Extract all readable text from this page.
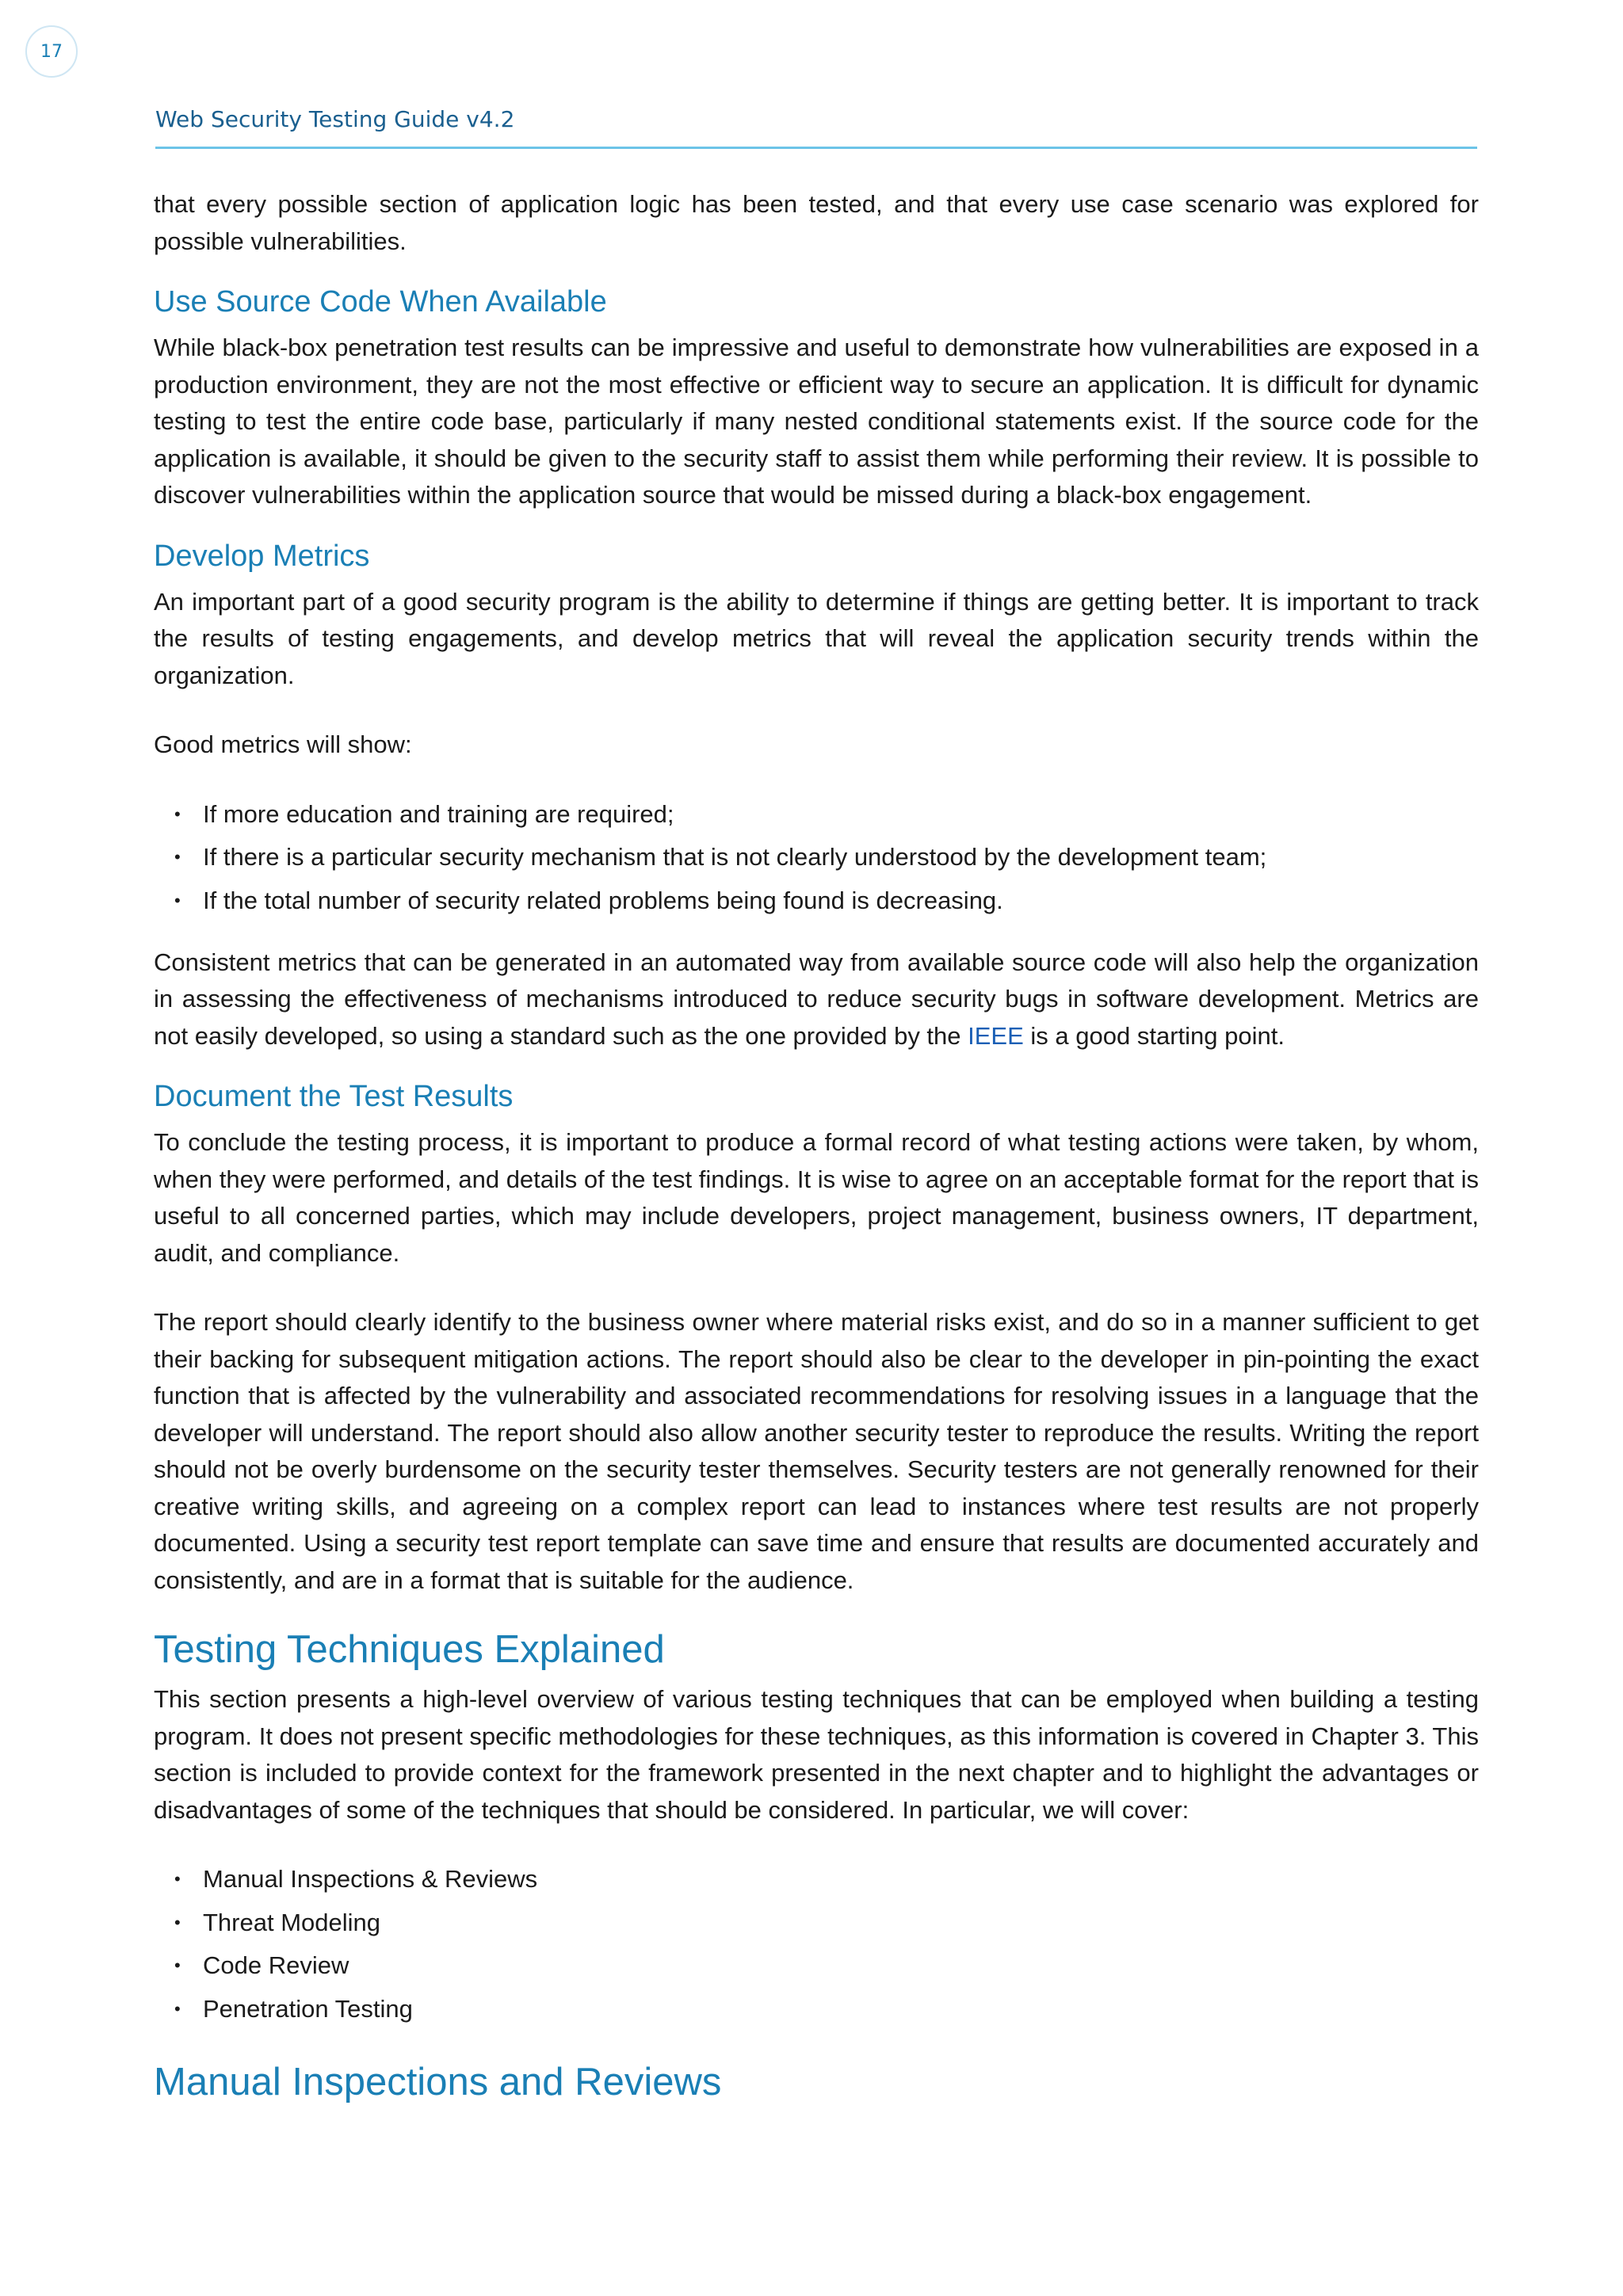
17
Web Security Testing Guide v4.2

that every possible section of application logic has been tested, and that every use case scenario was explored for possible vulnerabilities.

Use Source Code When Available

While black-box penetration test results can be impressive and useful to demonstrate how vulnerabilities are exposed in a production environment, they are not the most effective or efficient way to secure an application. It is difficult for dynamic testing to test the entire code base, particularly if many nested conditional statements exist. If the source code for the application is available, it should be given to the security staff to assist them while performing their review. It is possible to discover vulnerabilities within the application source that would be missed during a black-box engagement.

Develop Metrics

An important part of a good security program is the ability to determine if things are getting better. It is important to track the results of testing engagements, and develop metrics that will reveal the application security trends within the organization.

Good metrics will show:

• If more education and training are required;
• If there is a particular security mechanism that is not clearly understood by the development team;
• If the total number of security related problems being found is decreasing.

Consistent metrics that can be generated in an automated way from available source code will also help the organization in assessing the effectiveness of mechanisms introduced to reduce security bugs in software development. Metrics are not easily developed, so using a standard such as the one provided by the IEEE is a good starting point.

Document the Test Results

To conclude the testing process, it is important to produce a formal record of what testing actions were taken, by whom, when they were performed, and details of the test findings. It is wise to agree on an acceptable format for the report that is useful to all concerned parties, which may include developers, project management, business owners, IT department, audit, and compliance.

The report should clearly identify to the business owner where material risks exist, and do so in a manner sufficient to get their backing for subsequent mitigation actions. The report should also be clear to the developer in pin-pointing the exact function that is affected by the vulnerability and associated recommendations for resolving issues in a language that the developer will understand. The report should also allow another security tester to reproduce the results. Writing the report should not be overly burdensome on the security tester themselves. Security testers are not generally renowned for their creative writing skills, and agreeing on a complex report can lead to instances where test results are not properly documented. Using a security test report template can save time and ensure that results are documented accurately and consistently, and are in a format that is suitable for the audience.

Testing Techniques Explained

This section presents a high-level overview of various testing techniques that can be employed when building a testing program. It does not present specific methodologies for these techniques, as this information is covered in Chapter 3. This section is included to provide context for the framework presented in the next chapter and to highlight the advantages or disadvantages of some of the techniques that should be considered. In particular, we will cover:

• Manual Inspections & Reviews
• Threat Modeling
• Code Review
• Penetration Testing
Manual Inspections and Reviews
